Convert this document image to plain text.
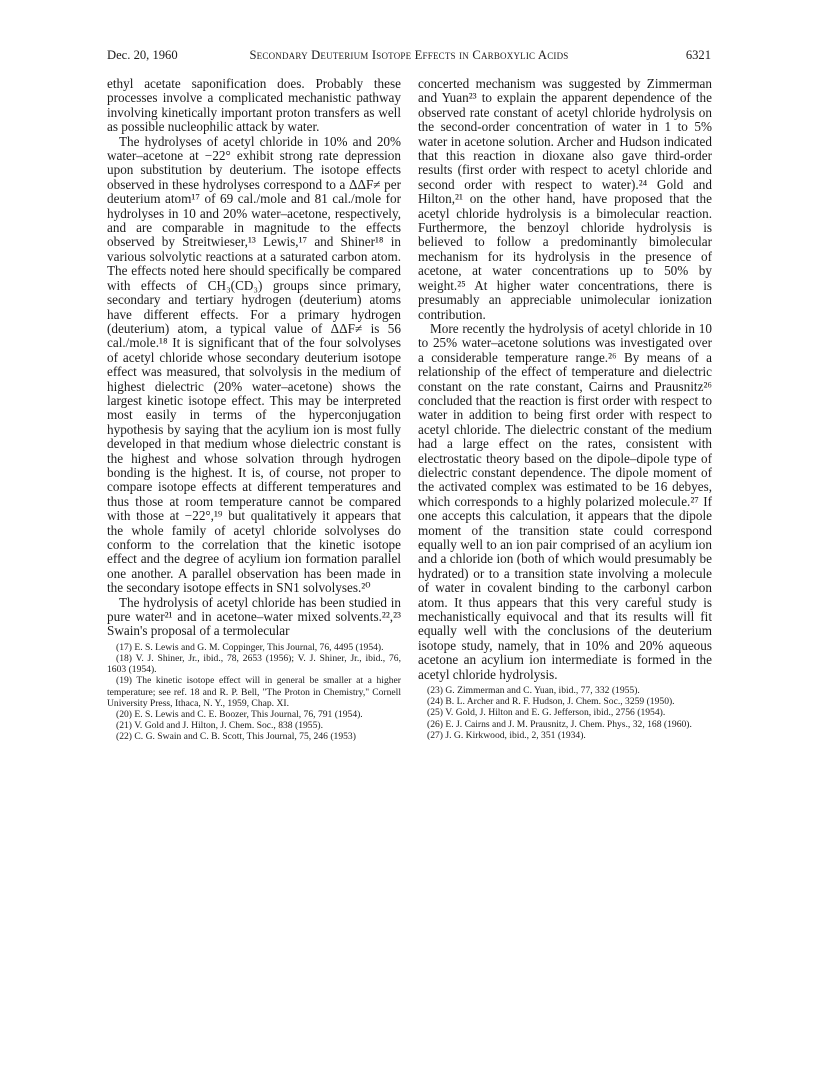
Dec. 20, 1960	Secondary Deuterium Isotope Effects in Carboxylic Acids	6321

ethyl acetate saponification does. Probably these processes involve a complicated mechanistic pathway involving kinetically important proton transfers as well as possible nucleophilic attack by water.

The hydrolyses of acetyl chloride in 10% and 20% water–acetone at −22° exhibit strong rate depression upon substitution by deuterium. The isotope effects observed in these hydrolyses correspond to a ΔΔF≠ per deuterium atom¹⁷ of 69 cal./mole and 81 cal./mole for hydrolyses in 10 and 20% water–acetone, respectively, and are comparable in magnitude to the effects observed by Streitwieser,¹³ Lewis,¹⁷ and Shiner¹⁸ in various solvolytic reactions at a saturated carbon atom. The effects noted here should specifically be compared with effects of CH₃(CD₃) groups since primary, secondary and tertiary hydrogen (deuterium) atoms have different effects. For a primary hydrogen (deuterium) atom, a typical value of ΔΔF≠ is 56 cal./mole.¹⁸ It is significant that of the four solvolyses of acetyl chloride whose secondary deuterium isotope effect was measured, that solvolysis in the medium of highest dielectric (20% water–acetone) shows the largest kinetic isotope effect. This may be interpreted most easily in terms of the hyperconjugation hypothesis by saying that the acylium ion is most fully developed in that medium whose dielectric constant is the highest and whose solvation through hydrogen bonding is the highest. It is, of course, not proper to compare isotope effects at different temperatures and thus those at room temperature cannot be compared with those at −22°,¹⁹ but qualitatively it appears that the whole family of acetyl chloride solvolyses do conform to the correlation that the kinetic isotope effect and the degree of acylium ion formation parallel one another. A parallel observation has been made in the secondary isotope effects in SN1 solvolyses.²⁰

The hydrolysis of acetyl chloride has been studied in pure water²¹ and in acetone–water mixed solvents.²²,²³ Swain's proposal of a termolecular

(17) E. S. Lewis and G. M. Coppinger, This Journal, 76, 4495 (1954).

(18) V. J. Shiner, Jr., ibid., 78, 2653 (1956); V. J. Shiner, Jr., ibid., 76, 1603 (1954).

(19) The kinetic isotope effect will in general be smaller at a higher temperature; see ref. 18 and R. P. Bell, "The Proton in Chemistry," Cornell University Press, Ithaca, N. Y., 1959, Chap. XI.

(20) E. S. Lewis and C. E. Boozer, This Journal, 76, 791 (1954).

(21) V. Gold and J. Hilton, J. Chem. Soc., 838 (1955).

(22) C. G. Swain and C. B. Scott, This Journal, 75, 246 (1953)

concerted mechanism was suggested by Zimmerman and Yuan²³ to explain the apparent dependence of the observed rate constant of acetyl chloride hydrolysis on the second-order concentration of water in 1 to 5% water in acetone solution. Archer and Hudson indicated that this reaction in dioxane also gave third-order results (first order with respect to acetyl chloride and second order with respect to water).²⁴ Gold and Hilton,²¹ on the other hand, have proposed that the acetyl chloride hydrolysis is a bimolecular reaction. Furthermore, the benzoyl chloride hydrolysis is believed to follow a predominantly bimolecular mechanism for its hydrolysis in the presence of acetone, at water concentrations up to 50% by weight.²⁵ At higher water concentrations, there is presumably an appreciable unimolecular ionization contribution.

More recently the hydrolysis of acetyl chloride in 10 to 25% water–acetone solutions was investigated over a considerable temperature range.²⁶ By means of a relationship of the effect of temperature and dielectric constant on the rate constant, Cairns and Prausnitz²⁶ concluded that the reaction is first order with respect to water in addition to being first order with respect to acetyl chloride. The dielectric constant of the medium had a large effect on the rates, consistent with electrostatic theory based on the dipole–dipole type of dielectric constant dependence. The dipole moment of the activated complex was estimated to be 16 debyes, which corresponds to a highly polarized molecule.²⁷ If one accepts this calculation, it appears that the dipole moment of the transition state could correspond equally well to an ion pair comprised of an acylium ion and a chloride ion (both of which would presumably be hydrated) or to a transition state involving a molecule of water in covalent binding to the carbonyl carbon atom. It thus appears that this very careful study is mechanistically equivocal and that its results will fit equally well with the conclusions of the deuterium isotope study, namely, that in 10% and 20% aqueous acetone an acylium ion intermediate is formed in the acetyl chloride hydrolysis.

(23) G. Zimmerman and C. Yuan, ibid., 77, 332 (1955).

(24) B. L. Archer and R. F. Hudson, J. Chem. Soc., 3259 (1950).

(25) V. Gold, J. Hilton and E. G. Jefferson, ibid., 2756 (1954).

(26) E. J. Cairns and J. M. Prausnitz, J. Chem. Phys., 32, 168 (1960).

(27) J. G. Kirkwood, ibid., 2, 351 (1934).
